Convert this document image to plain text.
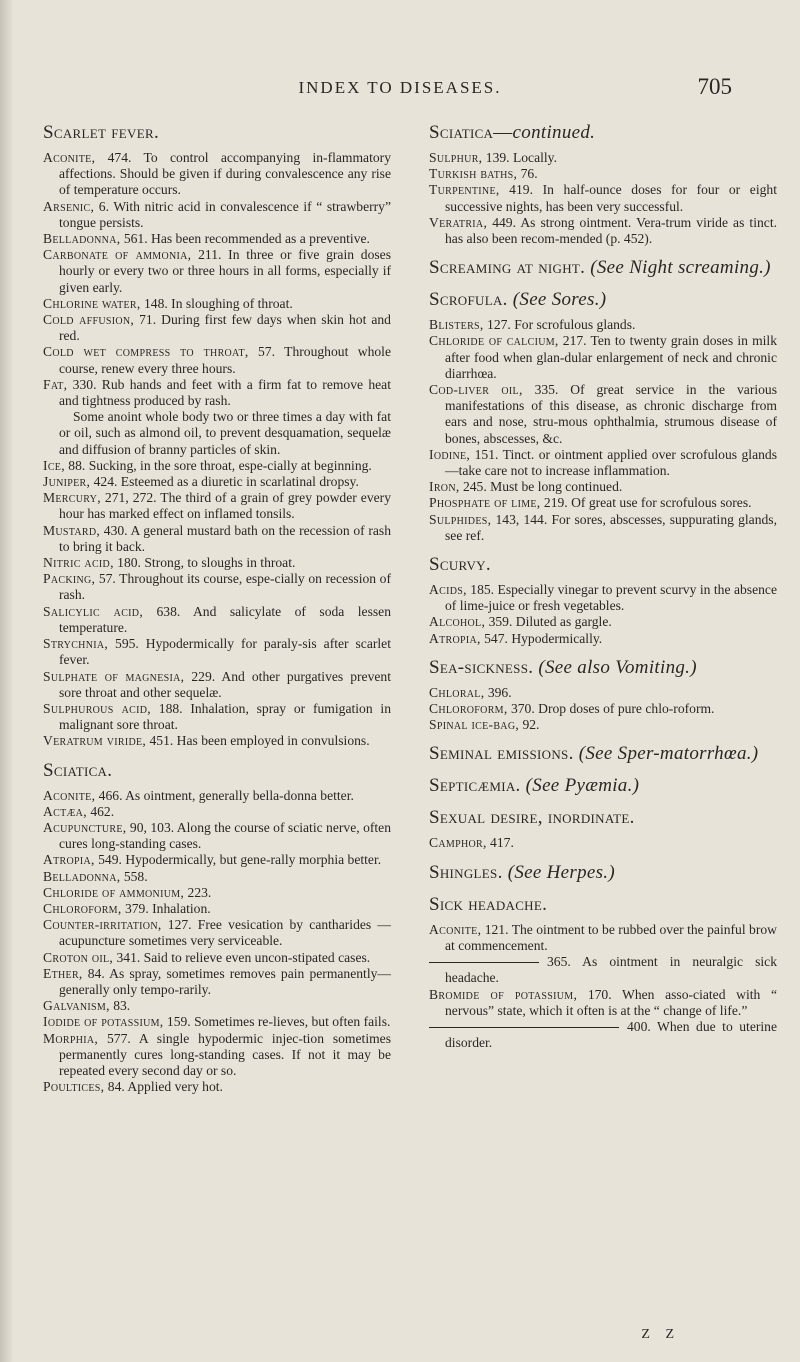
INDEX TO DISEASES.	705
Scarlet fever.

Aconite, 474. To control accompanying in-flammatory affections. Should be given if during convalescence any rise of temperature occurs.

Arsenic, 6. With nitric acid in convalescence if “ strawberry” tongue persists.

Belladonna, 561. Has been recommended as a preventive.

Carbonate of ammonia, 211. In three or five grain doses hourly or every two or three hours in all forms, especially if given early.

Chlorine water, 148. In sloughing of throat.

Cold affusion, 71. During first few days when skin hot and red.

Cold wet compress to throat, 57. Throughout whole course, renew every three hours.

Fat, 330. Rub hands and feet with a firm fat to remove heat and tightness produced by rash.

Some anoint whole body two or three times a day with fat or oil, such as almond oil, to prevent desquamation, sequelæ and diffusion of branny particles of skin.

Ice, 88. Sucking, in the sore throat, espe-cially at beginning.

Juniper, 424. Esteemed as a diuretic in scarlatinal dropsy.

Mercury, 271, 272. The third of a grain of grey powder every hour has marked effect on inflamed tonsils.

Mustard, 430. A general mustard bath on the recession of rash to bring it back.

Nitric acid, 180. Strong, to sloughs in throat.

Packing, 57. Throughout its course, espe-cially on recession of rash.

Salicylic acid, 638. And salicylate of soda lessen temperature.

Strychnia, 595. Hypodermically for paraly-sis after scarlet fever.

Sulphate of magnesia, 229. And other purgatives prevent sore throat and other sequelæ.

Sulphurous acid, 188. Inhalation, spray or fumigation in malignant sore throat.

Veratrum viride, 451. Has been employed in convulsions.

Sciatica.

Aconite, 466. As ointment, generally bella-donna better.

Actæa, 462.

Acupuncture, 90, 103. Along the course of sciatic nerve, often cures long-standing cases.

Atropia, 549. Hypodermically, but gene-rally morphia better.

Belladonna, 558.

Chloride of ammonium, 223.

Chloroform, 379. Inhalation.

Counter-irritation, 127. Free vesication by cantharides — acupuncture sometimes very serviceable.

Croton oil, 341. Said to relieve even uncon-stipated cases.

Ether, 84. As spray, sometimes removes pain permanently—generally only tempo-rarily.

Galvanism, 83.

Iodide of potassium, 159. Sometimes re-lieves, but often fails.

Morphia, 577. A single hypodermic injec-tion sometimes permanently cures long-standing cases. If not it may be repeated every second day or so.

Poultices, 84. Applied very hot.

Sciatica—continued.

Sulphur, 139. Locally.

Turkish baths, 76.

Turpentine, 419. In half-ounce doses for four or eight successive nights, has been very successful.

Veratria, 449. As strong ointment. Vera-trum viride as tinct. has also been recom-mended (p. 452).

Screaming at night. (See Night screaming.)
Scrofula. (See Sores.)

Blisters, 127. For scrofulous glands.

Chloride of calcium, 217. Ten to twenty grain doses in milk after food when glan-dular enlargement of neck and chronic diarrhœa.

Cod-liver oil, 335. Of great service in the various manifestations of this disease, as chronic discharge from ears and nose, stru-mous ophthalmia, strumous disease of bones, abscesses, &c.

Iodine, 151. Tinct. or ointment applied over scrofulous glands—take care not to increase inflammation.

Iron, 245. Must be long continued.

Phosphate of lime, 219. Of great use for scrofulous sores.

Sulphides, 143, 144. For sores, abscesses, suppurating glands, see ref.

Scurvy.

Acids, 185. Especially vinegar to prevent scurvy in the absence of lime-juice or fresh vegetables.

Alcohol, 359. Diluted as gargle.

Atropia, 547. Hypodermically.

Sea-sickness. (See also Vomiting.)

Chloral, 396.

Chloroform, 370. Drop doses of pure chlo-roform.

Spinal ice-bag, 92.

Seminal emissions. (See Sper-matorrhœa.)
Septicæmia. (See Pyæmia.)
Sexual desire, inordinate.

Camphor, 417.

Shingles. (See Herpes.)
Sick headache.

Aconite, 121. The ointment to be rubbed over the painful brow at commencement.

365. As ointment in neuralgic sick headache.

Bromide of potassium, 170. When asso-ciated with “ nervous” state, which it often is at the “ change of life.”

400. When due to uterine disorder.

Z Z
